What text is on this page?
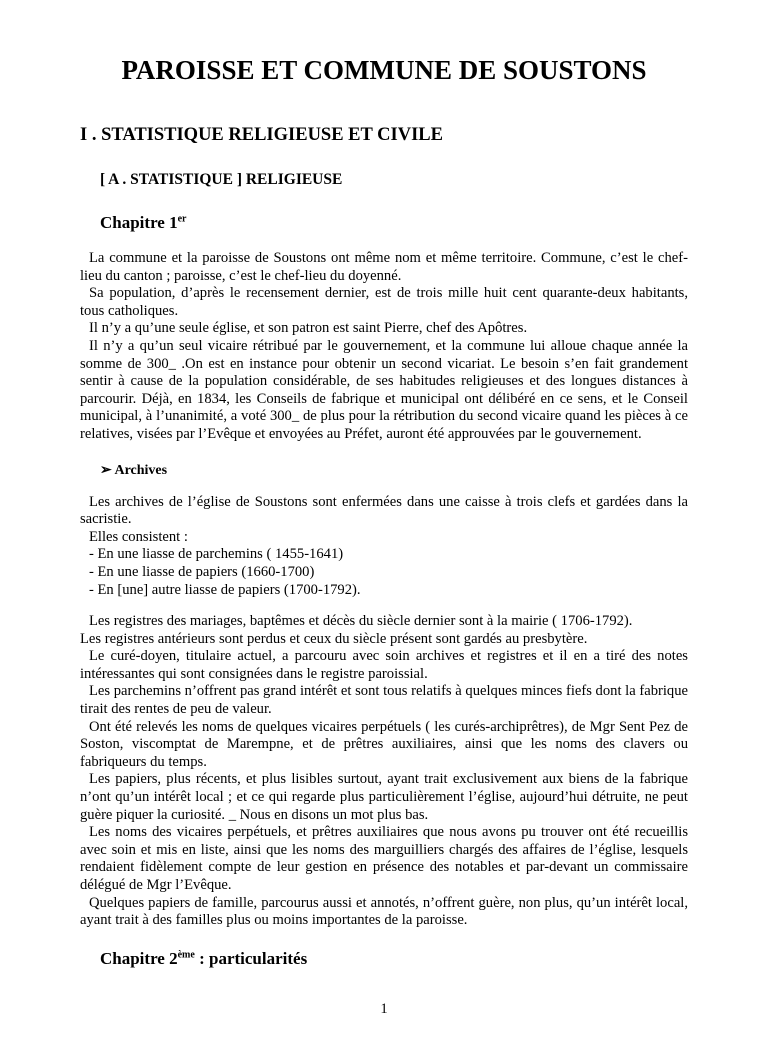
PAROISSE ET COMMUNE DE SOUSTONS
I . STATISTIQUE RELIGIEUSE ET CIVILE
[ A . STATISTIQUE ] RELIGIEUSE
Chapitre 1er

La commune et la paroisse de Soustons ont même nom et même territoire. Commune, c’est le chef-lieu du canton ; paroisse, c’est le chef-lieu du doyenné.

Sa population, d’après le recensement dernier, est de trois mille huit cent quarante-deux habitants, tous catholiques.

Il n’y a qu’une seule église, et son patron est saint Pierre, chef des Apôtres.

Il n’y a qu’un seul vicaire rétribué par le gouvernement, et la commune lui alloue chaque année la somme de 300_ .On est en instance pour obtenir un second vicariat. Le besoin s’en fait grandement sentir à cause de la population considérable, de ses habitudes religieuses et des longues distances à parcourir. Déjà, en 1834, les Conseils de fabrique et municipal ont délibéré en ce sens, et le Conseil municipal, à l’unanimité, a voté 300_ de plus pour la rétribution du second vicaire quand les pièces à ce relatives, visées par l’Evêque et envoyées au Préfet, auront été approuvées par le gouvernement.

➢ Archives

Les archives de l’église de Soustons sont enfermées dans une caisse à trois clefs et gardées dans la sacristie.

Elles consistent :

- En une liasse de parchemins ( 1455-1641)
- En une liasse de papiers (1660-1700)
- En [une] autre liasse de papiers (1700-1792).

Les registres des mariages, baptêmes et décès du siècle dernier sont à la mairie ( 1706-1792).

Les registres antérieurs sont perdus et ceux du siècle présent sont gardés au presbytère.

Le curé-doyen, titulaire actuel, a parcouru avec soin archives et registres et il en a tiré des notes intéressantes qui sont consignées dans le registre paroissial.

Les parchemins n’offrent pas grand intérêt et sont tous relatifs à quelques minces fiefs dont la fabrique tirait des rentes de peu de valeur.

Ont été relevés les noms de quelques vicaires perpétuels ( les curés-archiprêtres), de Mgr Sent Pez de Soston, viscomptat de Marempne, et de prêtres auxiliaires, ainsi que les noms des clavers ou fabriqueurs du temps.

Les papiers, plus récents, et plus lisibles surtout, ayant trait exclusivement aux biens de la fabrique n’ont qu’un intérêt local ; et ce qui regarde plus particulièrement l’église, aujourd’hui détruite, ne peut guère piquer la curiosité. _ Nous en disons un mot plus bas.

Les noms des vicaires perpétuels, et prêtres auxiliaires que nous avons pu trouver ont été recueillis avec soin et mis en liste, ainsi que les noms des marguilliers chargés des affaires de l’église, lesquels rendaient fidèlement compte de leur gestion en présence des notables et par-devant un commissaire délégué de Mgr l’Evêque.

Quelques papiers de famille, parcourus aussi et annotés, n’offrent guère, non plus, qu’un intérêt local, ayant trait à des familles plus ou moins importantes de la paroisse.

Chapitre 2ème : particularités
1
